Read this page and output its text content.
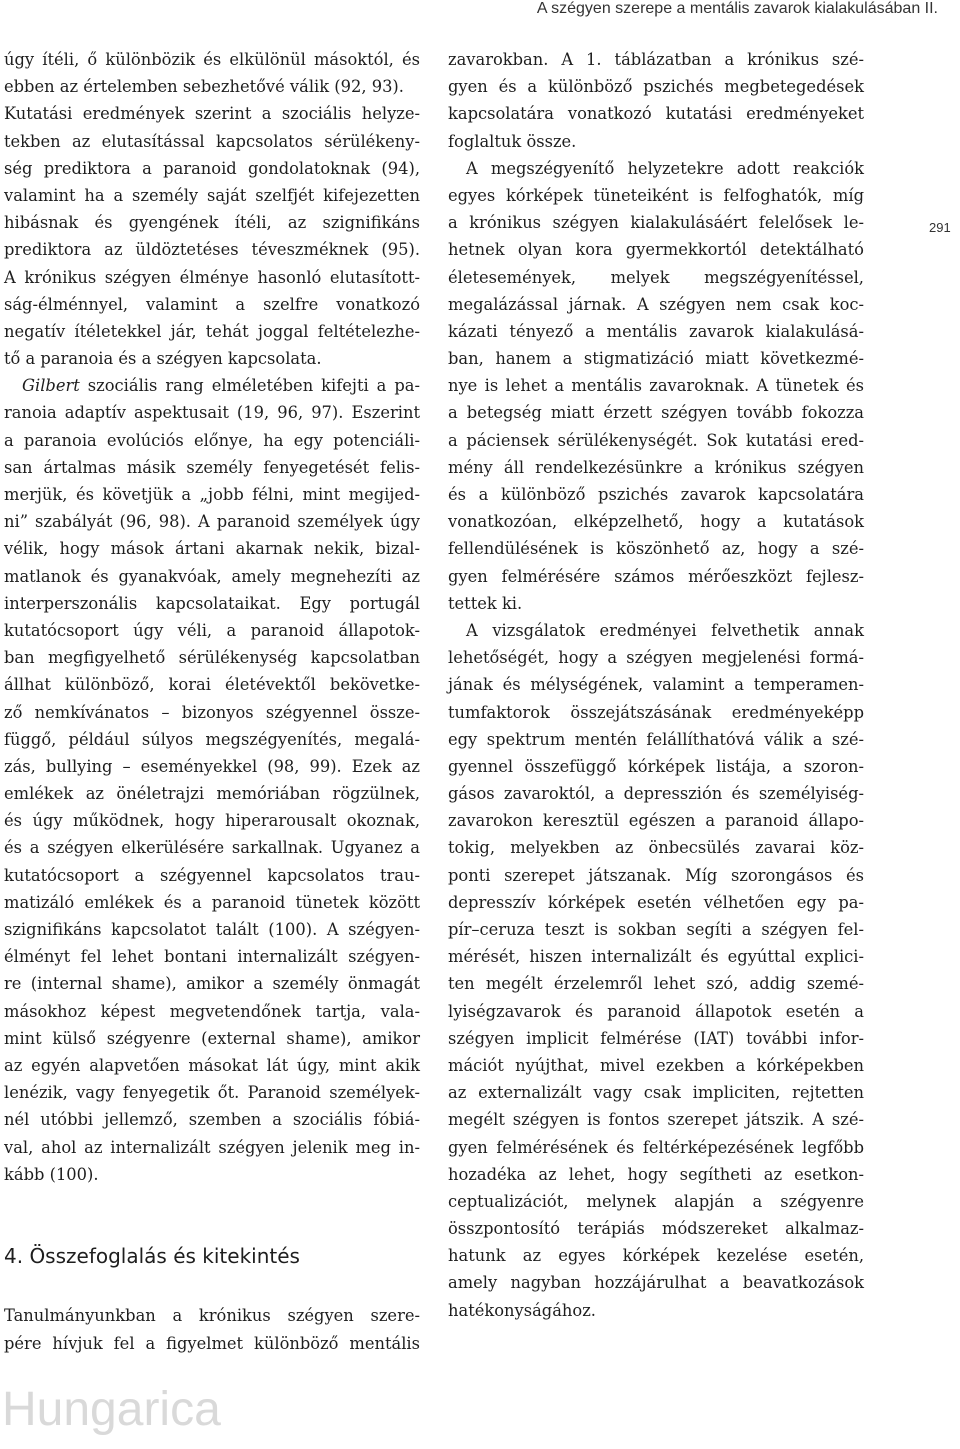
A szégyen szerepe a mentális zavarok kialakulásában II.

291

úgy ítéli, ő különbözik és elkülönül másoktól, és
ebben az értelemben sebezhetővé válik (92, 93).
Kutatási eredmények szerint a szociális helyze-
tekben az elutasítással kapcsolatos sérülékeny-
ség prediktora a paranoid gondolatoknak (94),
valamint ha a személy saját szelfjét kifejezetten
hibásnak és gyengének ítéli, az szignifikáns
prediktora az üldöztetéses téveszméknek (95).
A krónikus szégyen élménye hasonló elutasított-
ság-élménnyel, valamint a szelfre vonatkozó
negatív ítéletekkel jár, tehát joggal feltételezhe-
tő a paranoia és a szégyen kapcsolata.
Gilbert szociális rang elméletében kifejti a pa-
ranoia adaptív aspektusait (19, 96, 97). Eszerint
a paranoia evolúciós előnye, ha egy potenciáli-
san ártalmas másik személy fenyegetését felis-
merjük, és követjük a „jobb félni, mint megijed-
ni” szabályát (96, 98). A paranoid személyek úgy
vélik, hogy mások ártani akarnak nekik, bizal-
matlanok és gyanakvóak, amely megnehezíti az
interperszonális kapcsolataikat. Egy portugál
kutatócsoport úgy véli, a paranoid állapotok-
ban megfigyelhető sérülékenység kapcsolatban
állhat különböző, korai életévektől bekövetke-
ző nemkívánatos – bizonyos szégyennel össze-
függő, például súlyos megszégyenítés, megalá-
zás, bullying – eseményekkel (98, 99). Ezek az
emlékek az önéletrajzi memóriában rögzülnek,
és úgy működnek, hogy hiperarousalt okoznak,
és a szégyen elkerülésére sarkallnak. Ugyanez a
kutatócsoport a szégyennel kapcsolatos trau-
matizáló emlékek és a paranoid tünetek között
szignifikáns kapcsolatot talált (100). A szégyen-
élményt fel lehet bontani internalizált szégyen-
re (internal shame), amikor a személy önmagát
másokhoz képest megvetendőnek tartja, vala-
mint külső szégyenre (external shame), amikor
az egyén alapvetően másokat lát úgy, mint akik
lenézik, vagy fenyegetik őt. Paranoid személyek-
nél utóbbi jellemző, szemben a szociális fóbiá-
val, ahol az internalizált szégyen jelenik meg in-
kább (100).
4. Összefoglalás és kitekintés
Tanulmányunkban a krónikus szégyen szere-
pére hívjuk fel a figyelmet különböző mentális
zavarokban. A 1. táblázatban a krónikus szé-
gyen és a különböző pszichés megbetegedések
kapcsolatára vonatkozó kutatási eredményeket
foglaltuk össze.
A megszégyenítő helyzetekre adott reakciók
egyes kórképek tüneteiként is felfoghatók, míg
a krónikus szégyen kialakulásáért felelősek le-
hetnek olyan kora gyermekkortól detektálható
életesemények, melyek megszégyenítéssel,
megalázással járnak. A szégyen nem csak koc-
kázati tényező a mentális zavarok kialakulásá-
ban, hanem a stigmatizáció miatt következmé-
nye is lehet a mentális zavaroknak. A tünetek és
a betegség miatt érzett szégyen tovább fokozza
a páciensek sérülékenységét. Sok kutatási ered-
mény áll rendelkezésünkre a krónikus szégyen
és a különböző pszichés zavarok kapcsolatára
vonatkozóan, elképzelhető, hogy a kutatások
fellendülésének is köszönhető az, hogy a szé-
gyen felmérésére számos mérőeszközt fejlesz-
tettek ki.
A vizsgálatok eredményei felvethetik annak
lehetőségét, hogy a szégyen megjelenési formá-
jának és mélységének, valamint a temperamen-
tumfaktorok összejátszásának eredményeképp
egy spektrum mentén felállíthatóvá válik a szé-
gyennel összefüggő kórképek listája, a szoron-
gásos zavaroktól, a depresszión és személyiség-
zavarokon keresztül egészen a paranoid állapo-
tokig, melyekben az önbecsülés zavarai köz-
ponti szerepet játszanak. Míg szorongásos és
depresszív kórképek esetén vélhetően egy pa-
pír–ceruza teszt is sokban segíti a szégyen fel-
mérését, hiszen internalizált és egyúttal explici-
ten megélt érzelemről lehet szó, addig szemé-
lyiségzavarok és paranoid állapotok esetén a
szégyen implicit felmérése (IAT) további infor-
mációt nyújthat, mivel ezekben a kórképekben
az externalizált vagy csak impliciten, rejtetten
megélt szégyen is fontos szerepet játszik. A szé-
gyen felmérésének és feltérképezésének legfőbb
hozadéka az lehet, hogy segítheti az esetkon-
ceptualizációt, melynek alapján a szégyenre
összpontosító terápiás módszereket alkalmaz-
hatunk az egyes kórképek kezelése esetén,
amely nagyban hozzájárulhat a beavatkozások
hatékonyságához.

Hungarica
